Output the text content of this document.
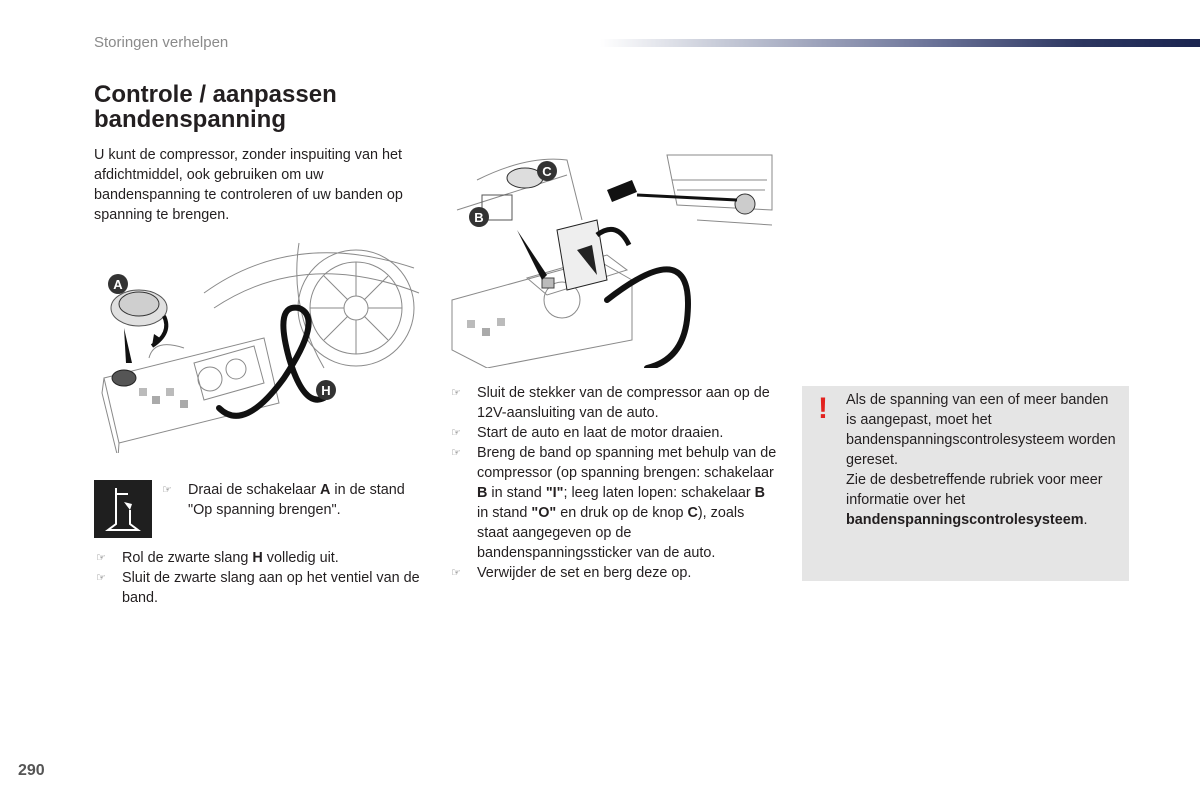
Storingen verhelpen
Controle / aanpassen bandenspanning
U kunt de compressor, zonder inspuiting van het afdichtmiddel, ook gebruiken om uw bandenspanning te controleren of uw banden op spanning te brengen.
A
H
C
B
☞ Draai de schakelaar A in de stand "Op spanning brengen".
☞ Rol de zwarte slang H volledig uit.
☞ Sluit de zwarte slang aan op het ventiel van de band.
☞ Sluit de stekker van de compressor aan op de 12V-aansluiting van de auto.
☞ Start de auto en laat de motor draaien.
☞ Breng de band op spanning met behulp van de compressor (op spanning brengen: schakelaar B in stand "I"; leeg laten lopen: schakelaar B in stand "O" en druk op de knop C), zoals staat aangegeven op de bandenspanningssticker van de auto.
☞ Verwijder de set en berg deze op.
! Als de spanning van een of meer banden is aangepast, moet het bandenspanningscontrolesysteem worden gereset.
Zie de desbetreffende rubriek voor meer informatie over het bandenspanningscontrolesysteem.
290
